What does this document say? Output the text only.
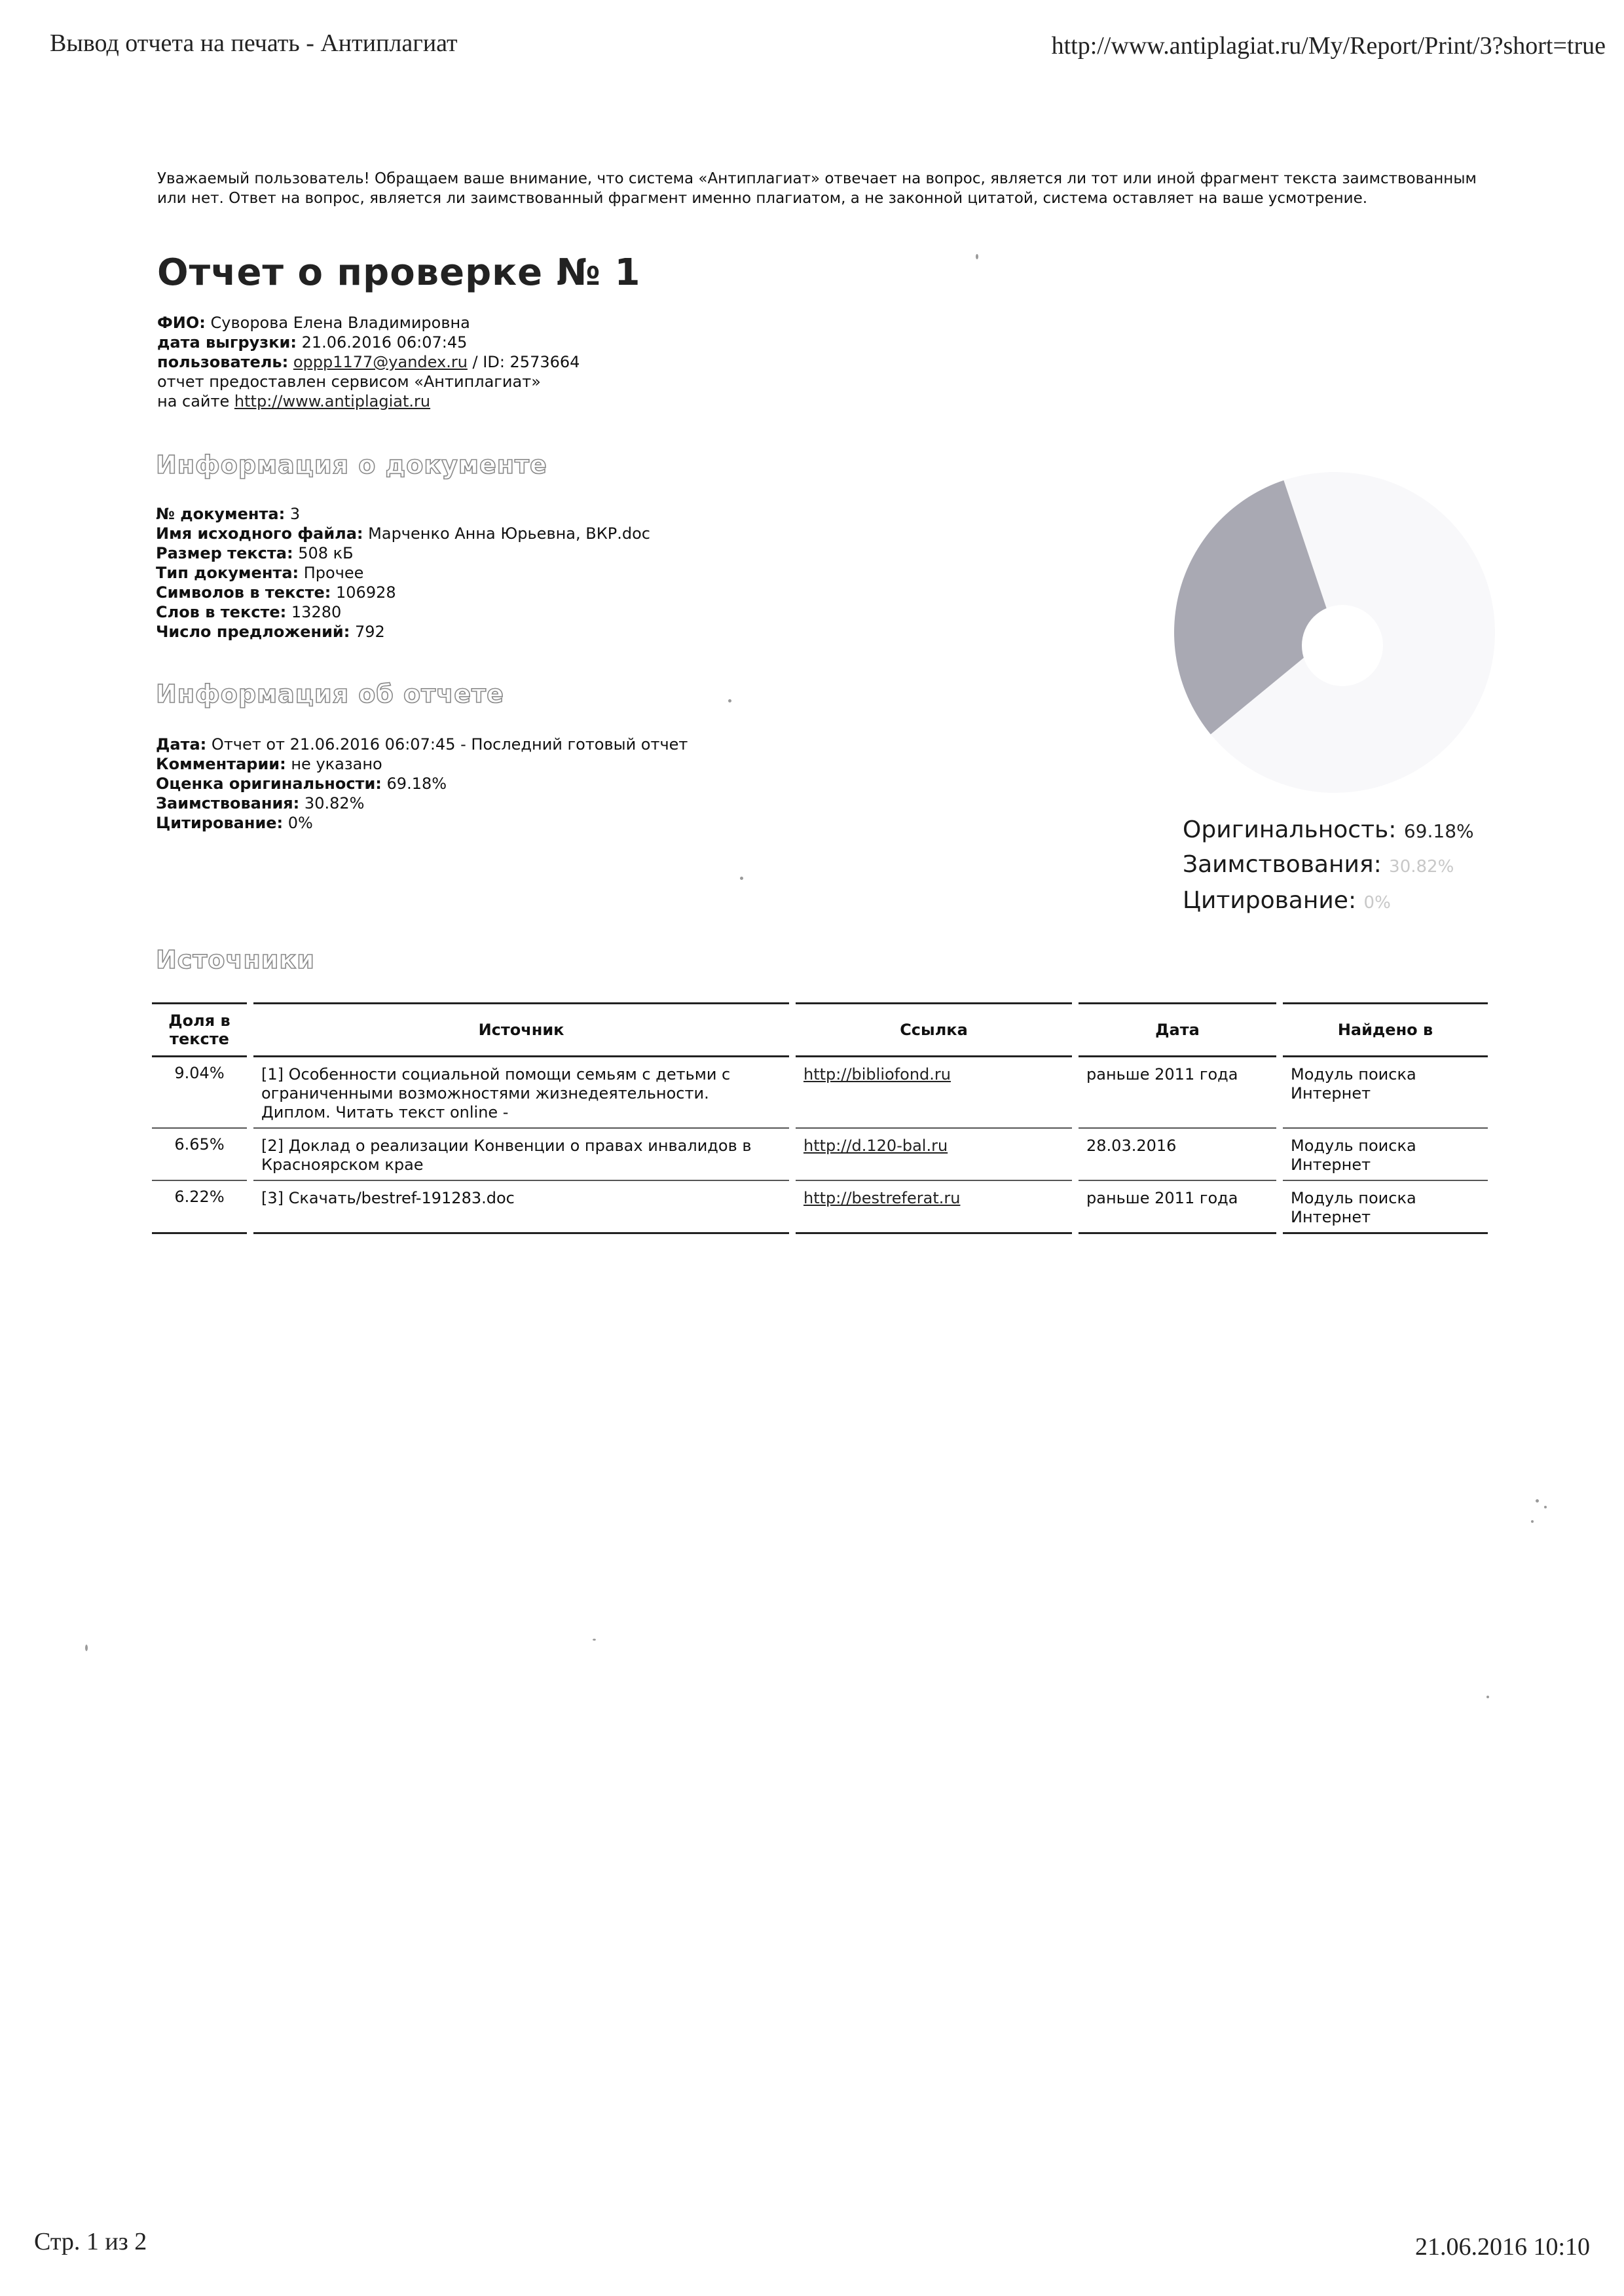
Вывод отчета на печать - Антиплагиат	http://www.antiplagiat.ru/My/Report/Print/3?short=true
Уважаемый пользователь! Обращаем ваше внимание, что система «Антиплагиат» отвечает на вопрос, является ли тот или иной фрагмент текста заимствованным или нет. Ответ на вопрос, является ли заимствованный фрагмент именно плагиатом, а не законной цитатой, система оставляет на ваше усмотрение.
Отчет о проверке № 1
ФИО: Суворова Елена Владимировна
дата выгрузки: 21.06.2016 06:07:45
пользователь: oppp1177@yandex.ru / ID: 2573664
отчет предоставлен сервисом «Антиплагиат»
на сайте http://www.antiplagiat.ru
Информация о документе
№ документа: 3
Имя исходного файла: Марченко Анна Юрьевна, ВКР.doc
Размер текста: 508 кБ
Тип документа: Прочее
Символов в тексте: 106928
Слов в тексте: 13280
Число предложений: 792
Информация об отчете
Дата: Отчет от 21.06.2016 06:07:45 - Последний готовый отчет
Комментарии: не указано
Оценка оригинальности: 69.18%
Заимствования: 30.82%
Цитирование: 0%	Оригинальность: 69.18%
Заимствования: 30.82%
Цитирование: 0%
Источники
Доля в тексте	Источник	Ссылка	Дата	Найдено в
9.04%	[1] Особенности социальной помощи семьям с детьми с ограниченными возможностями жизнедеятельности. Диплом. Читать текст online -	http://bibliofond.ru	раньше 2011 года	Модуль поиска Интернет
6.65%	[2] Доклад о реализации Конвенции о правах инвалидов в Красноярском крае	http://d.120-bal.ru	28.03.2016	Модуль поиска Интернет
6.22%	[3] Скачать/bestref-191283.doc	http://bestreferat.ru	раньше 2011 года	Модуль поиска Интернет
Стр. 1 из 2	21.06.2016 10:10
